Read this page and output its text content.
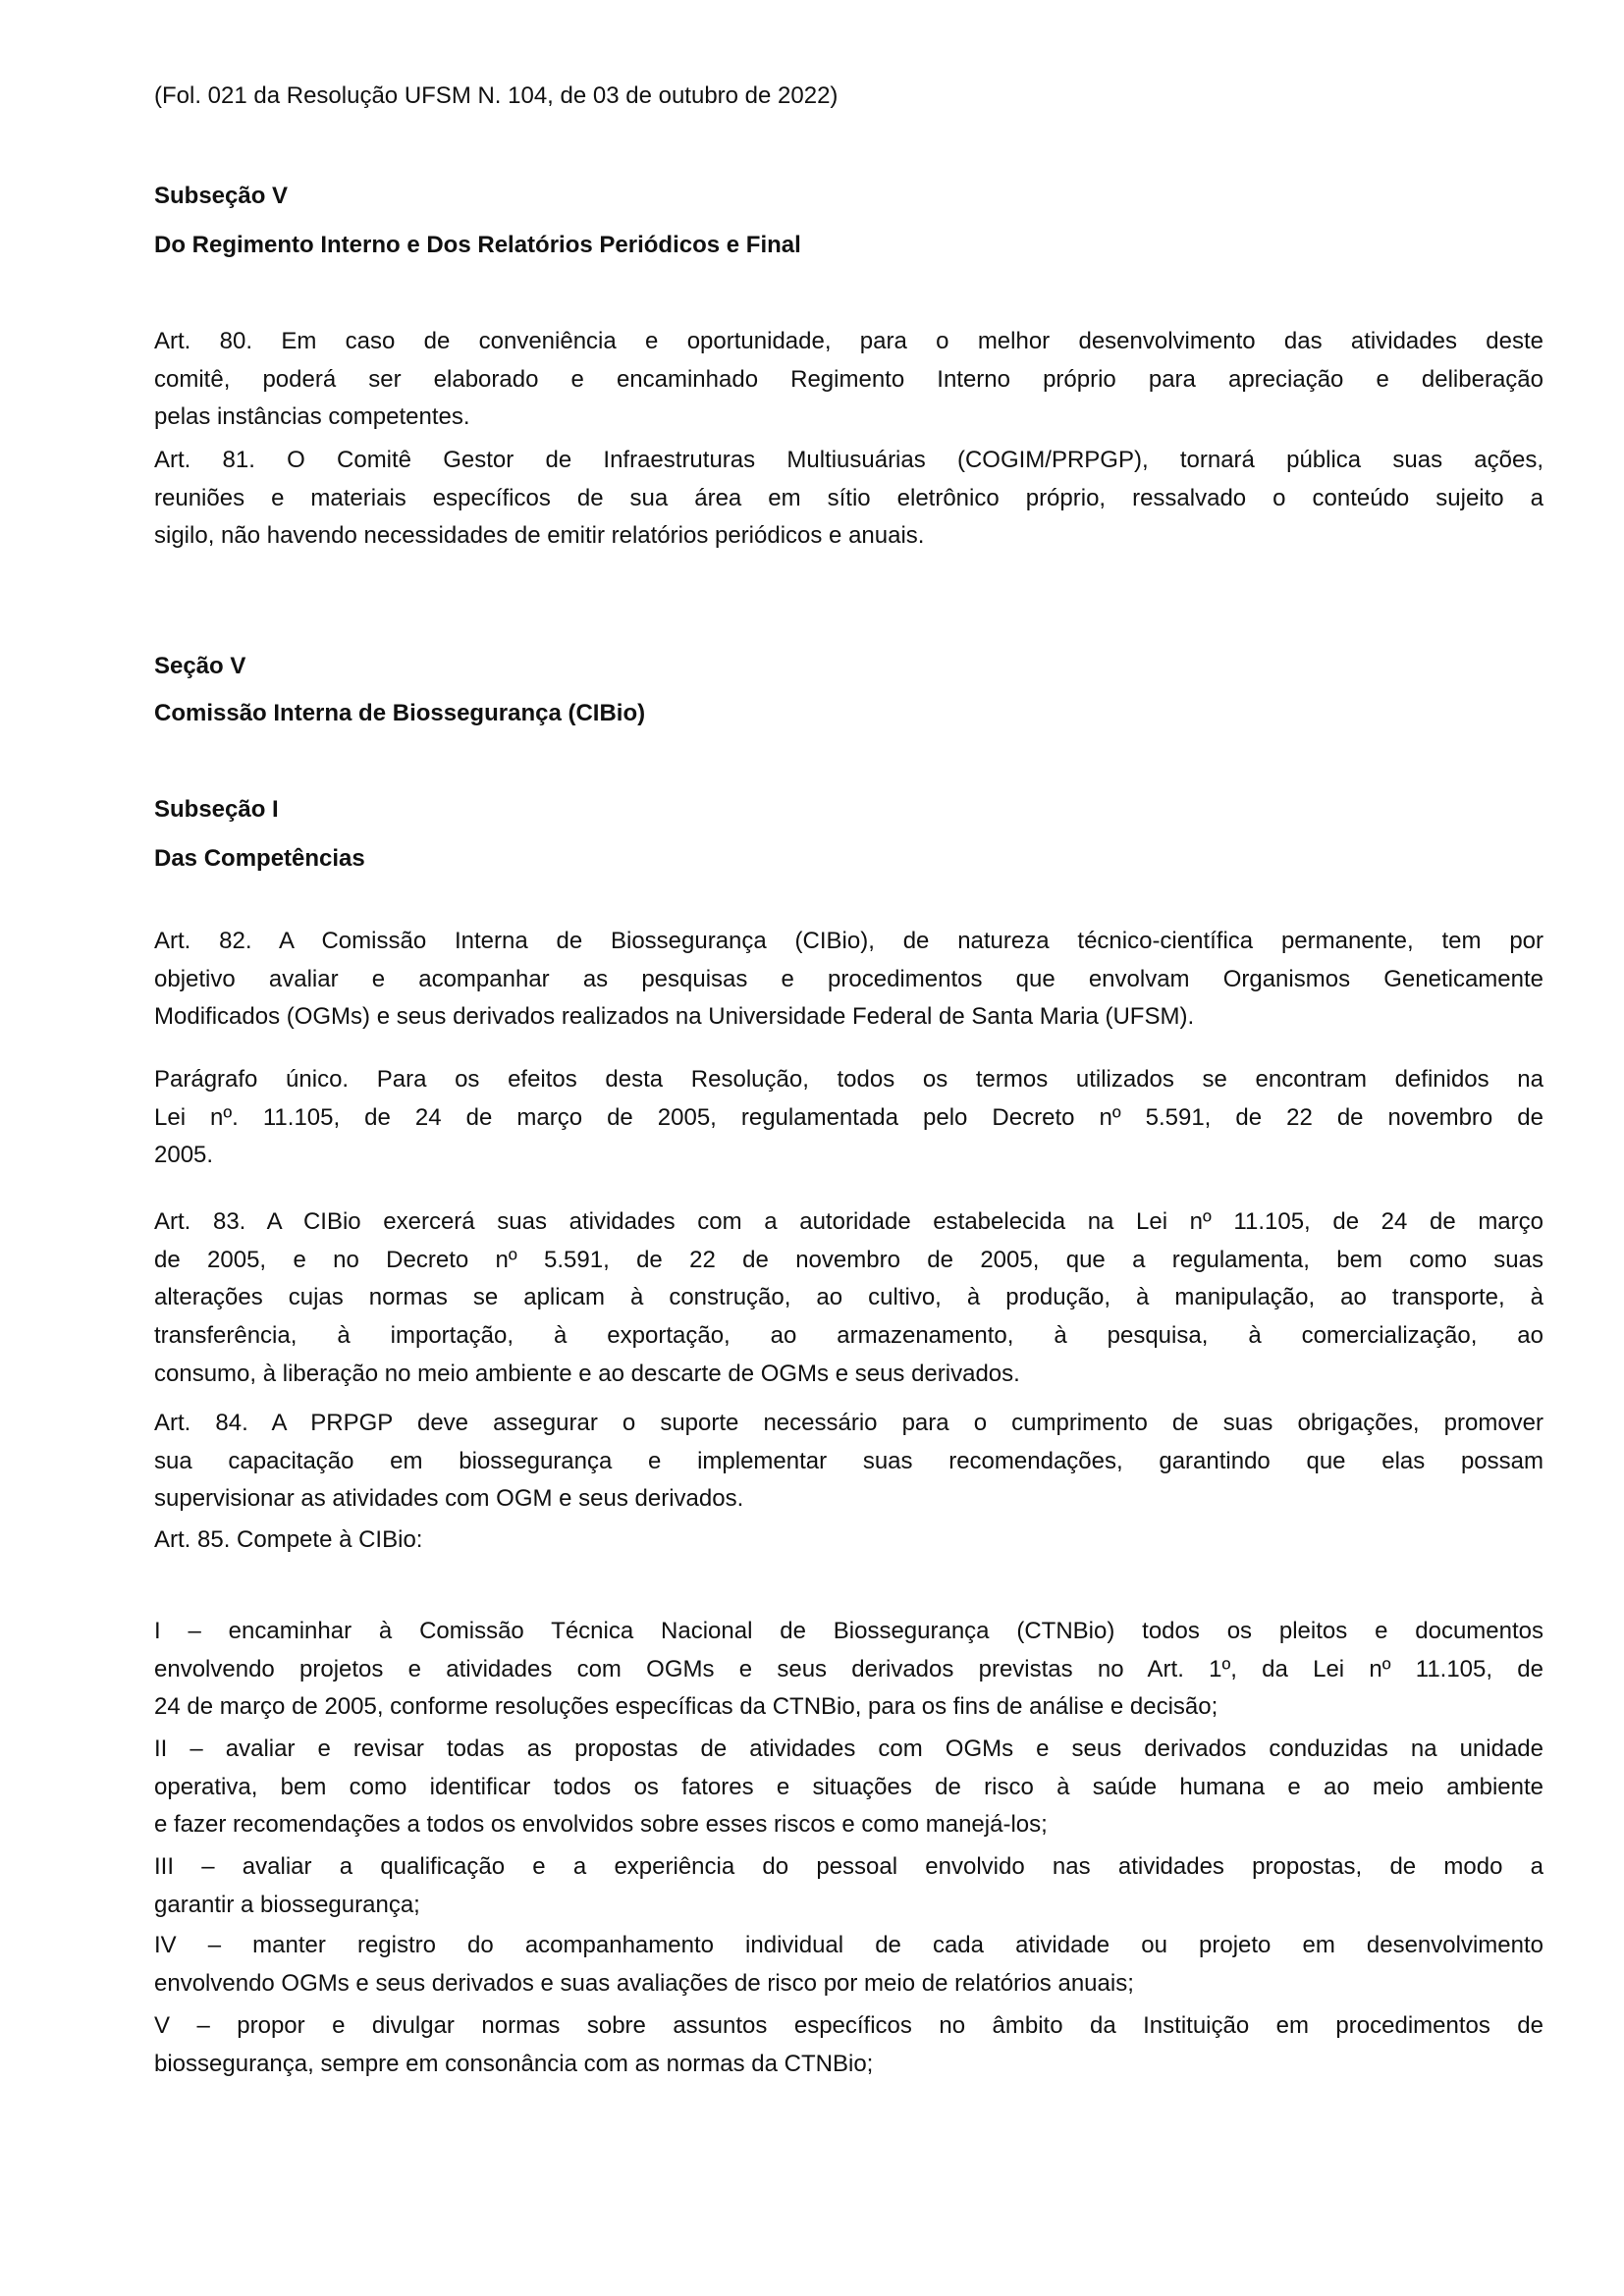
(Fol. 021 da Resolução UFSM N. 104, de 03 de outubro de 2022)
Subseção V
Do Regimento Interno e Dos Relatórios Periódicos e Final
Art. 80. Em caso de conveniência e oportunidade, para o melhor desenvolvimento das atividades deste
comitê, poderá ser elaborado e encaminhado Regimento Interno próprio para apreciação e deliberação
pelas instâncias competentes.
Art. 81. O Comitê Gestor de Infraestruturas Multiusuárias (COGIM/PRPGP), tornará pública suas ações,
reuniões e materiais específicos de sua área em sítio eletrônico próprio, ressalvado o conteúdo sujeito a
sigilo, não havendo necessidades de emitir relatórios periódicos e anuais.
Seção V
Comissão Interna de Biossegurança (CIBio)
Subseção I
Das Competências
Art. 82. A Comissão Interna de Biossegurança (CIBio), de natureza técnico-científica permanente, tem por
objetivo avaliar e acompanhar as pesquisas e procedimentos que envolvam Organismos Geneticamente
Modificados (OGMs) e seus derivados realizados na Universidade Federal de Santa Maria (UFSM).
Parágrafo único. Para os efeitos desta Resolução, todos os termos utilizados se encontram definidos na
Lei nº. 11.105, de 24 de março de 2005, regulamentada pelo Decreto nº 5.591, de 22 de novembro de
2005.
Art. 83. A CIBio exercerá suas atividades com a autoridade estabelecida na Lei nº 11.105, de 24 de março
de 2005, e no Decreto nº 5.591, de 22 de novembro de 2005, que a regulamenta, bem como suas
alterações cujas normas se aplicam à construção, ao cultivo, à produção, à manipulação, ao transporte, à
transferência, à importação, à exportação, ao armazenamento, à pesquisa, à comercialização, ao
consumo, à liberação no meio ambiente e ao descarte de OGMs e seus derivados.
Art. 84. A PRPGP deve assegurar o suporte necessário para o cumprimento de suas obrigações, promover
sua capacitação em biossegurança e implementar suas recomendações, garantindo que elas possam
supervisionar as atividades com OGM e seus derivados.
Art. 85. Compete à CIBio:
I – encaminhar à Comissão Técnica Nacional de Biossegurança (CTNBio) todos os pleitos e documentos
envolvendo projetos e atividades com OGMs e seus derivados previstas no Art. 1º, da Lei nº 11.105, de
24 de março de 2005, conforme resoluções específicas da CTNBio, para os fins de análise e decisão;
II – avaliar e revisar todas as propostas de atividades com OGMs e seus derivados conduzidas na unidade
operativa, bem como identificar todos os fatores e situações de risco à saúde humana e ao meio ambiente
e fazer recomendações a todos os envolvidos sobre esses riscos e como manejá-los;
III – avaliar a qualificação e a experiência do pessoal envolvido nas atividades propostas, de modo a
garantir a biossegurança;
IV – manter registro do acompanhamento individual de cada atividade ou projeto em desenvolvimento
envolvendo OGMs e seus derivados e suas avaliações de risco por meio de relatórios anuais;
V – propor e divulgar normas sobre assuntos específicos no âmbito da Instituição em procedimentos de
biossegurança, sempre em consonância com as normas da CTNBio;
